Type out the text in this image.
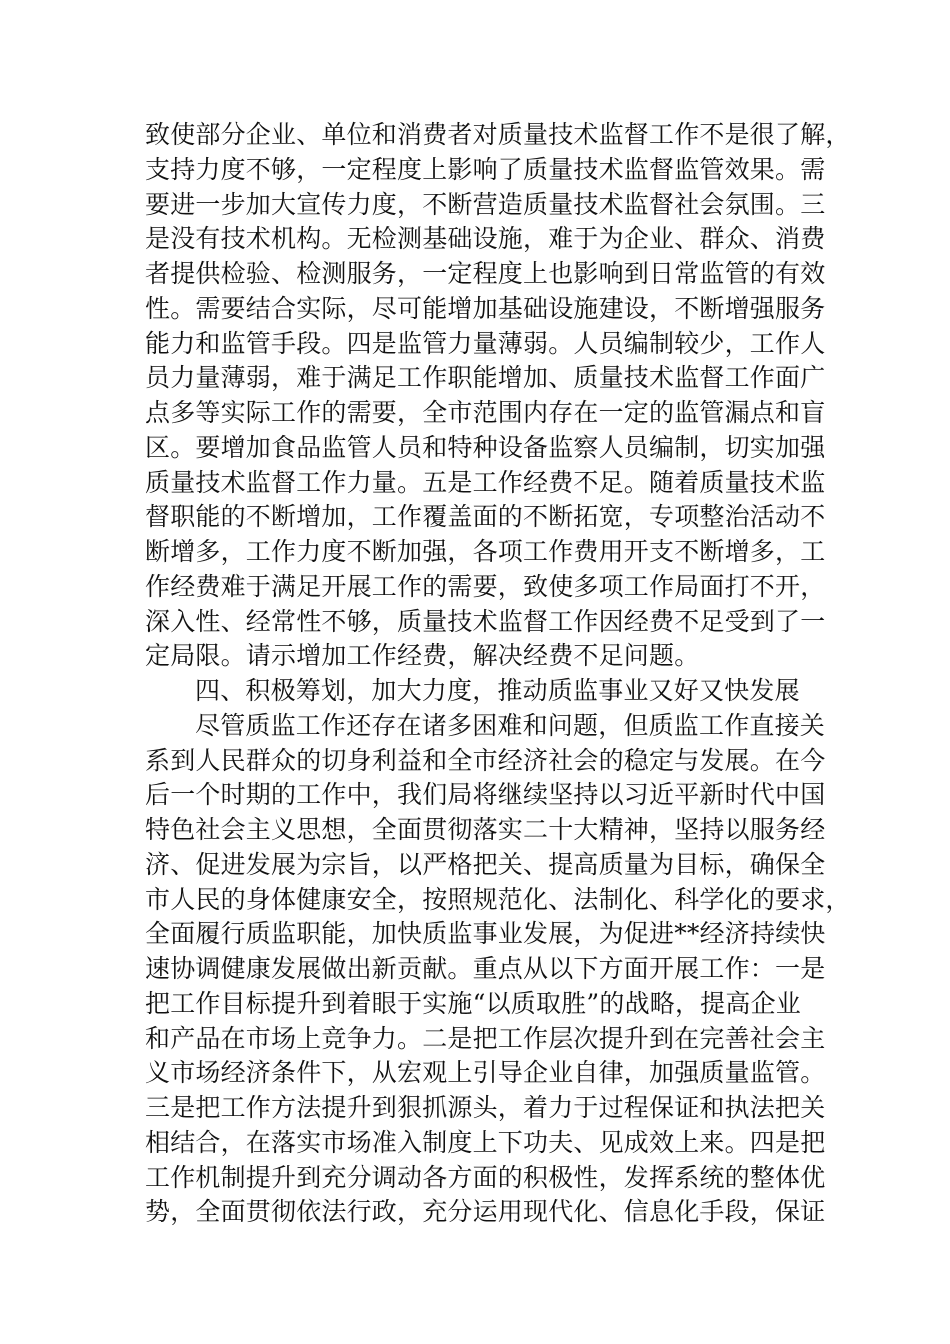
致使部分企业、单位和消费者对质量技术监督工作不是很了解，
支持力度不够，一定程度上影响了质量技术监督监管效果。需
要进一步加大宣传力度，不断营造质量技术监督社会氛围。三
是没有技术机构。无检测基础设施，难于为企业、群众、消费
者提供检验、检测服务，一定程度上也影响到日常监管的有效
性。需要结合实际，尽可能增加基础设施建设，不断增强服务
能力和监管手段。四是监管力量薄弱。人员编制较少，工作人
员力量薄弱，难于满足工作职能增加、质量技术监督工作面广
点多等实际工作的需要，全市范围内存在一定的监管漏点和盲
区。要增加食品监管人员和特种设备监察人员编制，切实加强
质量技术监督工作力量。五是工作经费不足。随着质量技术监
督职能的不断增加，工作覆盖面的不断拓宽，专项整治活动不
断增多，工作力度不断加强，各项工作费用开支不断增多，工
作经费难于满足开展工作的需要，致使多项工作局面打不开，
深入性、经常性不够，质量技术监督工作因经费不足受到了一
定局限。请示增加工作经费，解决经费不足问题。
四、积极筹划，加大力度，推动质监事业又好又快发展
尽管质监工作还存在诸多困难和问题，但质监工作直接关
系到人民群众的切身利益和全市经济社会的稳定与发展。在今
后一个时期的工作中，我们局将继续坚持以习近平新时代中国
特色社会主义思想，全面贯彻落实二十大精神，坚持以服务经
济、促进发展为宗旨，以严格把关、提高质量为目标，确保全
市人民的身体健康安全，按照规范化、法制化、科学化的要求，
全面履行质监职能，加快质监事业发展，为促进**经济持续快
速协调健康发展做出新贡献。重点从以下方面开展工作：一是
把工作目标提升到着眼于实施“以质取胜”的战略，提高企业
和产品在市场上竞争力。二是把工作层次提升到在完善社会主
义市场经济条件下，从宏观上引导企业自律，加强质量监管。
三是把工作方法提升到狠抓源头，着力于过程保证和执法把关
相结合，在落实市场准入制度上下功夫、见成效上来。四是把
工作机制提升到充分调动各方面的积极性，发挥系统的整体优
势，全面贯彻依法行政，充分运用现代化、信息化手段，保证
